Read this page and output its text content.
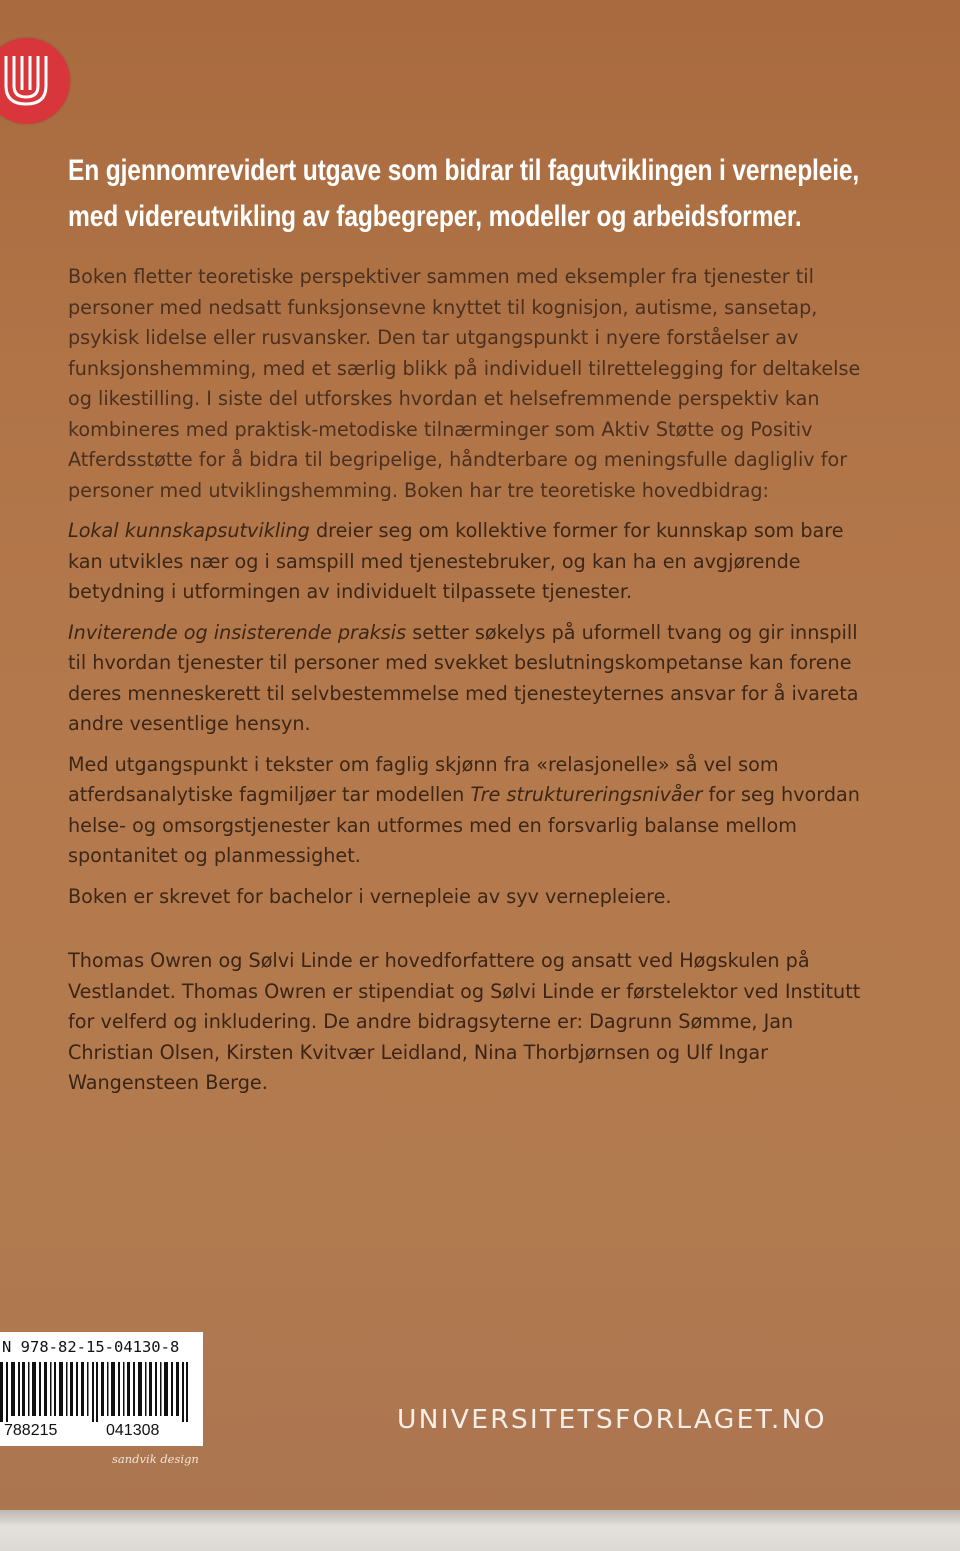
En gjennomrevidert utgave som bidrar til fagutviklingen i vernepleie,
med videreutvikling av fagbegreper, modeller og arbeidsformer.

Boken fletter teoretiske perspektiver sammen med eksempler fra tjenester til personer med nedsatt funksjonsevne knyttet til kognisjon, autisme, sansetap, psykisk lidelse eller rusvansker. Den tar utgangspunkt i nyere forståelser av funksjonshemming, med et særlig blikk på individuell tilrettelegging for deltakelse og likestilling. I siste del utforskes hvordan et helsefremmende perspektiv kan kombineres med praktisk-metodiske tilnærminger som Aktiv Støtte og Positiv Atferdsstøtte for å bidra til begripelige, håndterbare og meningsfulle dagligliv for personer med utviklingshemming. Boken har tre teoretiske hovedbidrag:

Lokal kunnskapsutvikling dreier seg om kollektive former for kunnskap som bare kan utvikles nær og i samspill med tjenestebruker, og kan ha en avgjørende betydning i utformingen av individuelt tilpassete tjenester.

Inviterende og insisterende praksis setter søkelys på uformell tvang og gir innspill til hvordan tjenester til personer med svekket beslutningskompetanse kan forene deres menneskerett til selvbestemmelse med tjenesteyternes ansvar for å ivareta andre vesentlige hensyn.

Med utgangspunkt i tekster om faglig skjønn fra «relasjonelle» så vel som atferdsanalytiske fagmiljøer tar modellen Tre struktureringsnivåer for seg hvordan helse- og omsorgstjenester kan utformes med en forsvarlig balanse mellom spontanitet og planmessighet.

Boken er skrevet for bachelor i vernepleie av syv vernepleiere.

Thomas Owren og Sølvi Linde er hovedforfattere og ansatt ved Høgskulen på Vestlandet. Thomas Owren er stipendiat og Sølvi Linde er førstelektor ved Institutt for velferd og inkludering. De andre bidragsyterne er: Dagrunn Sømme, Jan Christian Olsen, Kirsten Kvitvær Leidland, Nina Thorbjørnsen og Ulf Ingar Wangensteen Berge.

N 978-82-15-04130-8
788215	041308
sandvik design
UNIVERSITETSFORLAGET.NO
